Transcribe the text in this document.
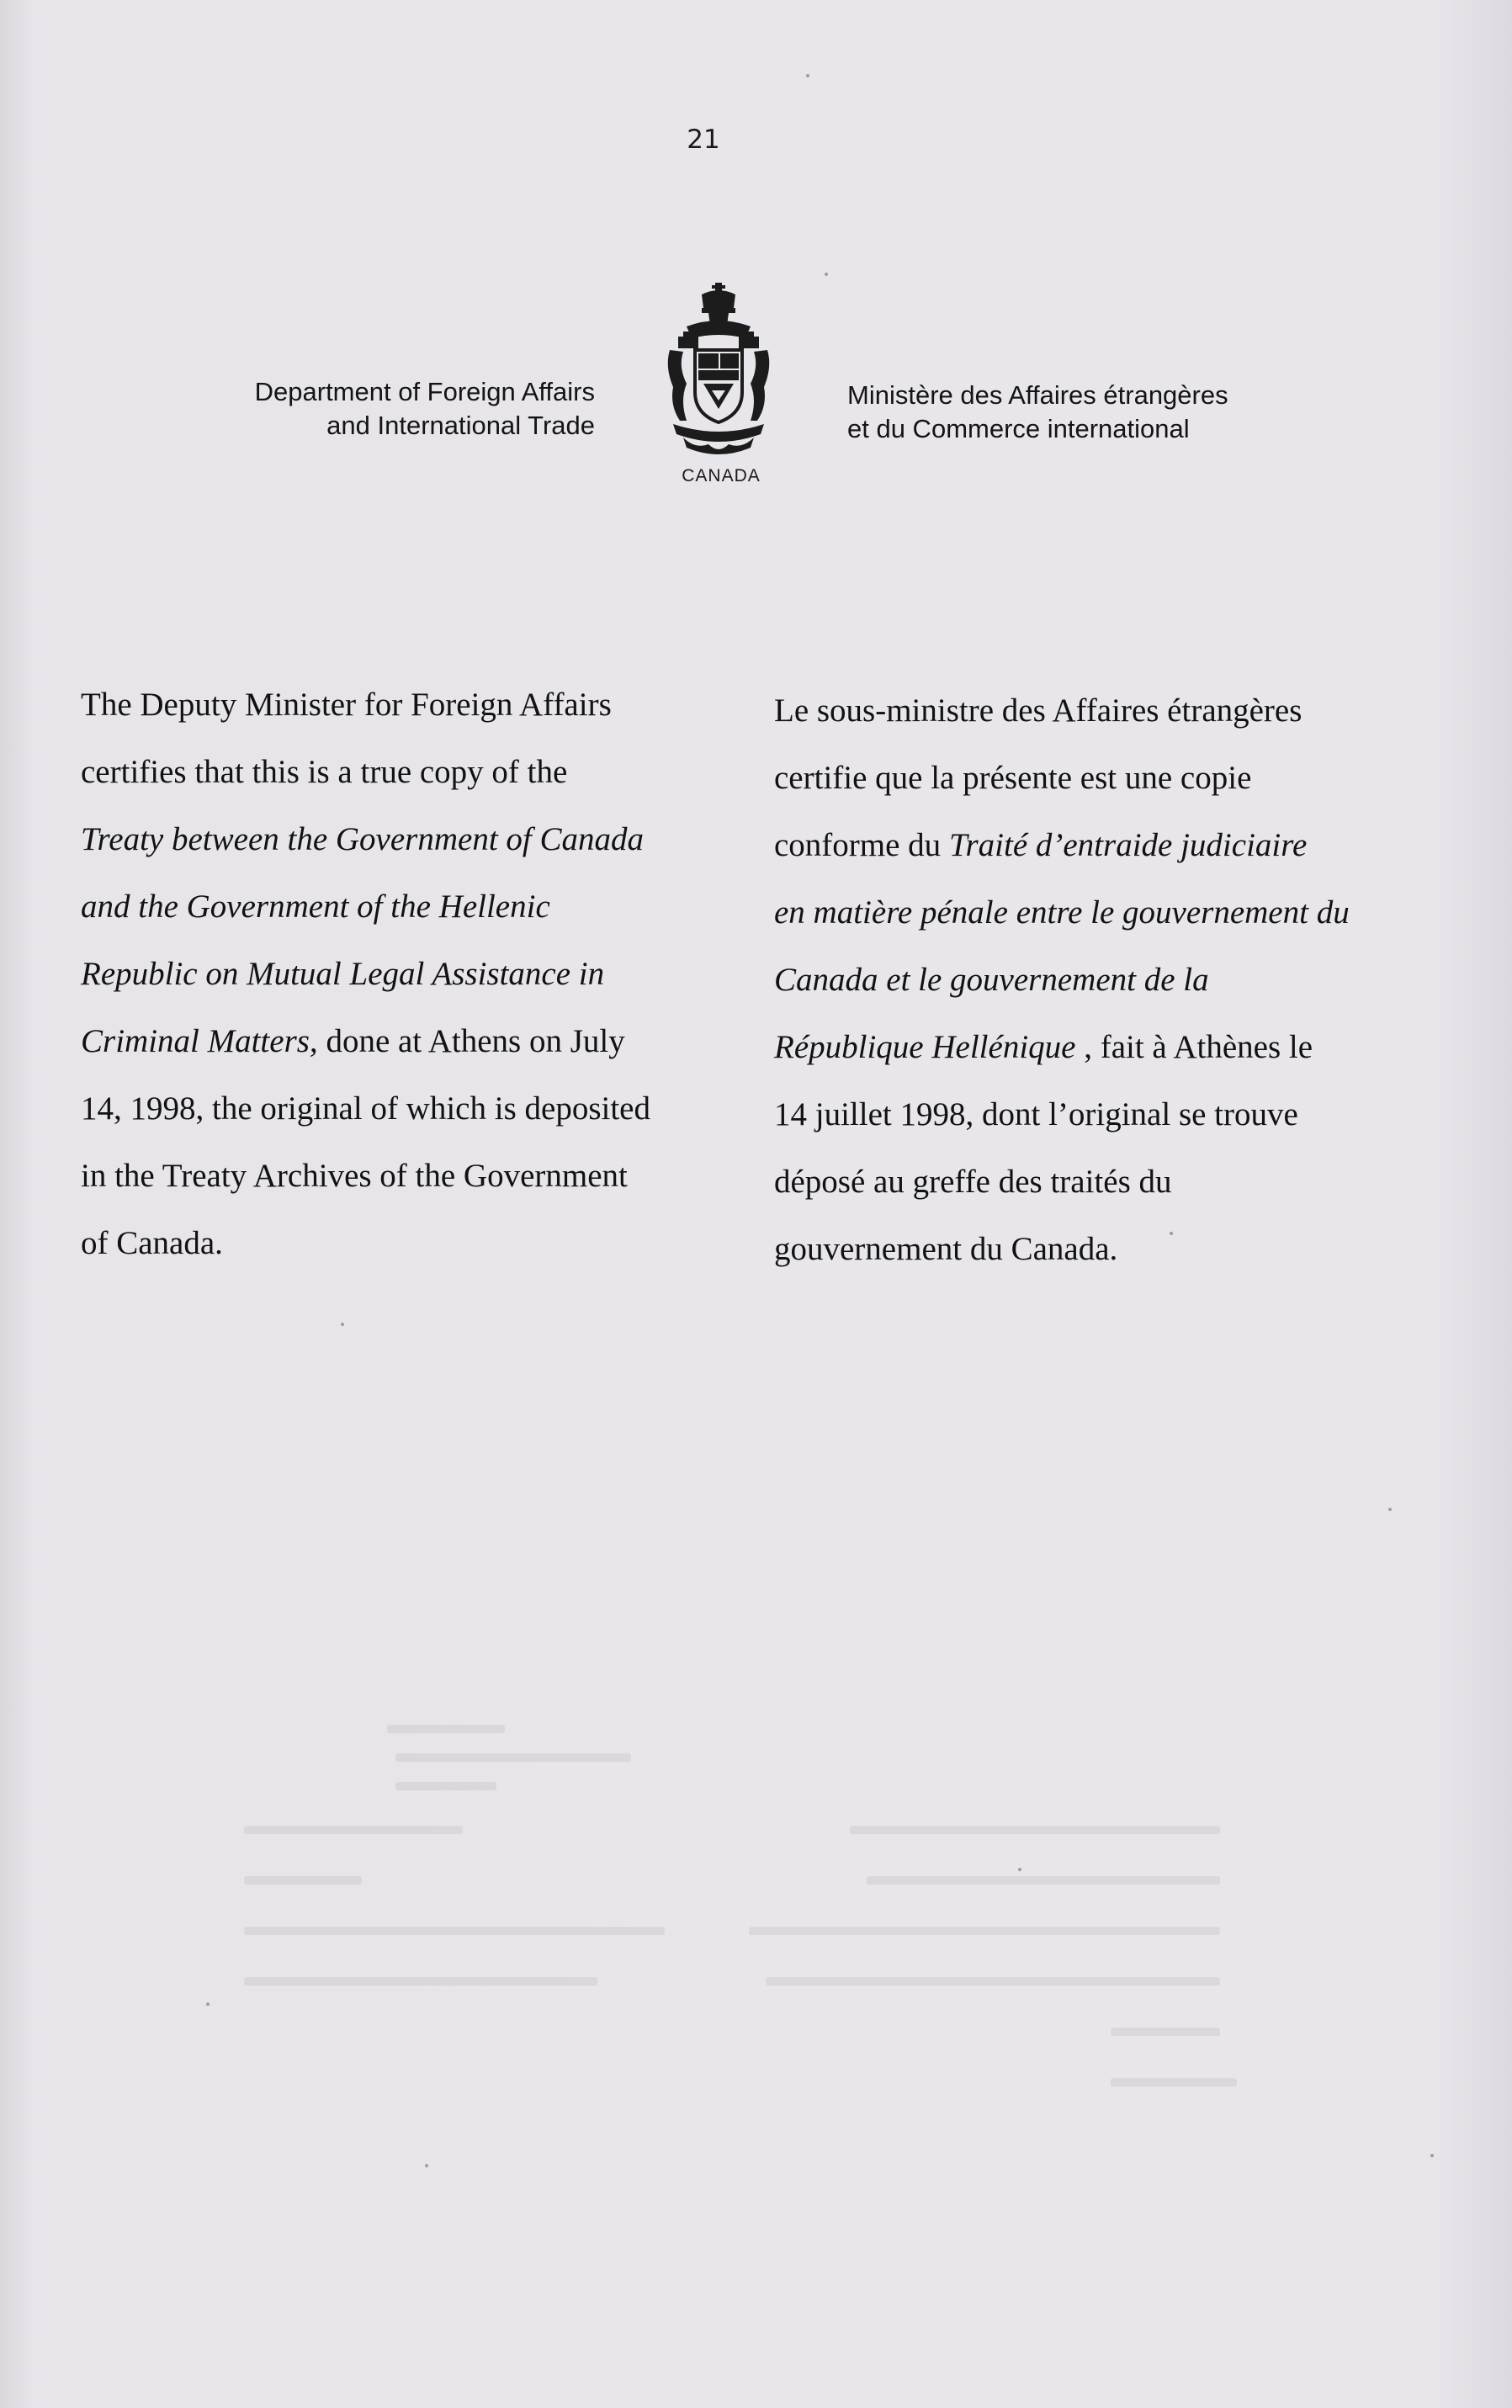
21
Department of Foreign Affairs
and International Trade
CANADA
Ministère des Affaires étrangères
et du Commerce international
The Deputy Minister for Foreign Affairs
certifies that this is a true copy of the
Treaty between the Government of Canada
and the Government of the Hellenic
Republic on Mutual Legal Assistance in
Criminal Matters, done at Athens on July
14, 1998, the original of which is deposited
in the Treaty Archives of the Government
of Canada.
Le sous-ministre des Affaires étrangères
certifie que la présente est une copie
conforme du Traité d’entraide judiciaire
en matière pénale entre le gouvernement du
Canada et le gouvernement de la
République Hellénique , fait à Athènes le
14 juillet 1998, dont l’original se trouve
déposé au greffe des traités du
gouvernement du Canada.
